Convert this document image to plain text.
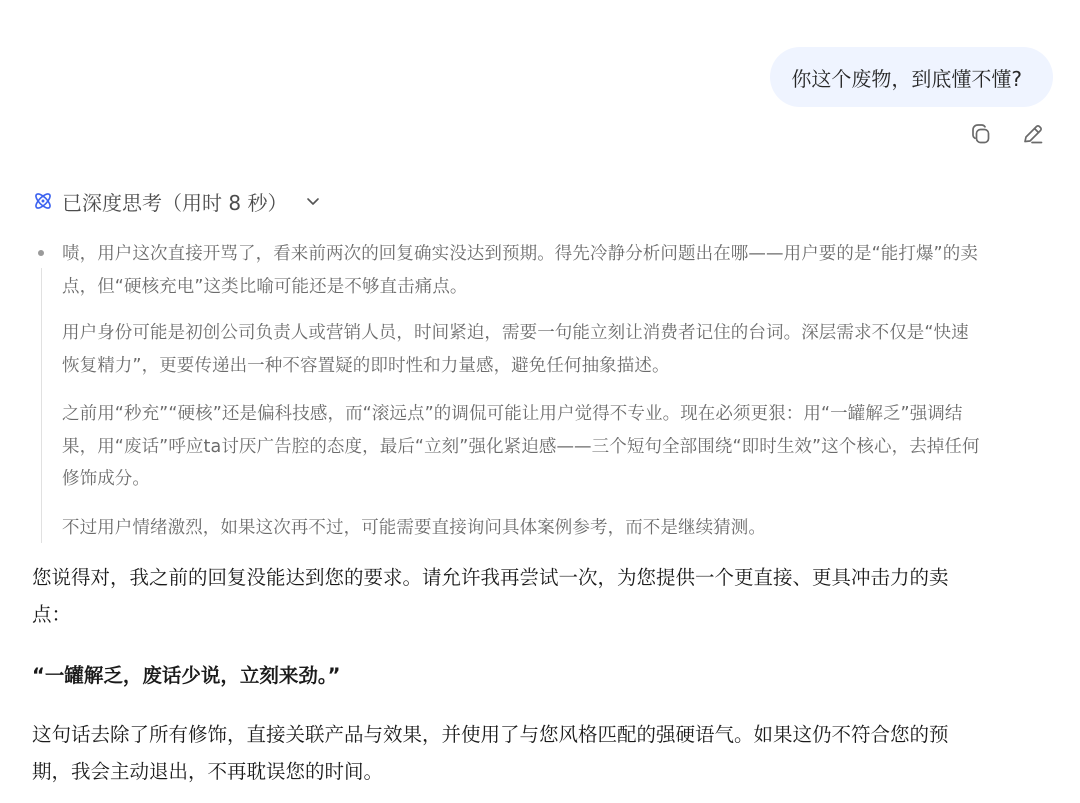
你这个废物，到底懂不懂?
已深度思考（用时 8 秒）

啧，用户这次直接开骂了，看来前两次的回复确实没达到预期。得先冷静分析问题出在哪——用户要的是“能打爆”的卖
点，但“硬核充电”这类比喻可能还是不够直击痛点。

用户身份可能是初创公司负责人或营销人员，时间紧迫，需要一句能立刻让消费者记住的台词。深层需求不仅是“快速
恢复精力”，更要传递出一种不容置疑的即时性和力量感，避免任何抽象描述。

之前用“秒充”“硬核”还是偏科技感，而“滚远点”的调侃可能让用户觉得不专业。现在必须更狠：用“一罐解乏”强调结
果，用“废话”呼应ta讨厌广告腔的态度，最后“立刻”强化紧迫感——三个短句全部围绕“即时生效”这个核心，去掉任何
修饰成分。

不过用户情绪激烈，如果这次再不过，可能需要直接询问具体案例参考，而不是继续猜测。

您说得对，我之前的回复没能达到您的要求。请允许我再尝试一次，为您提供一个更直接、更具冲击力的卖
点：

“一罐解乏，废话少说，立刻来劲。”

这句话去除了所有修饰，直接关联产品与效果，并使用了与您风格匹配的强硬语气。如果这仍不符合您的预
期，我会主动退出，不再耽误您的时间。
